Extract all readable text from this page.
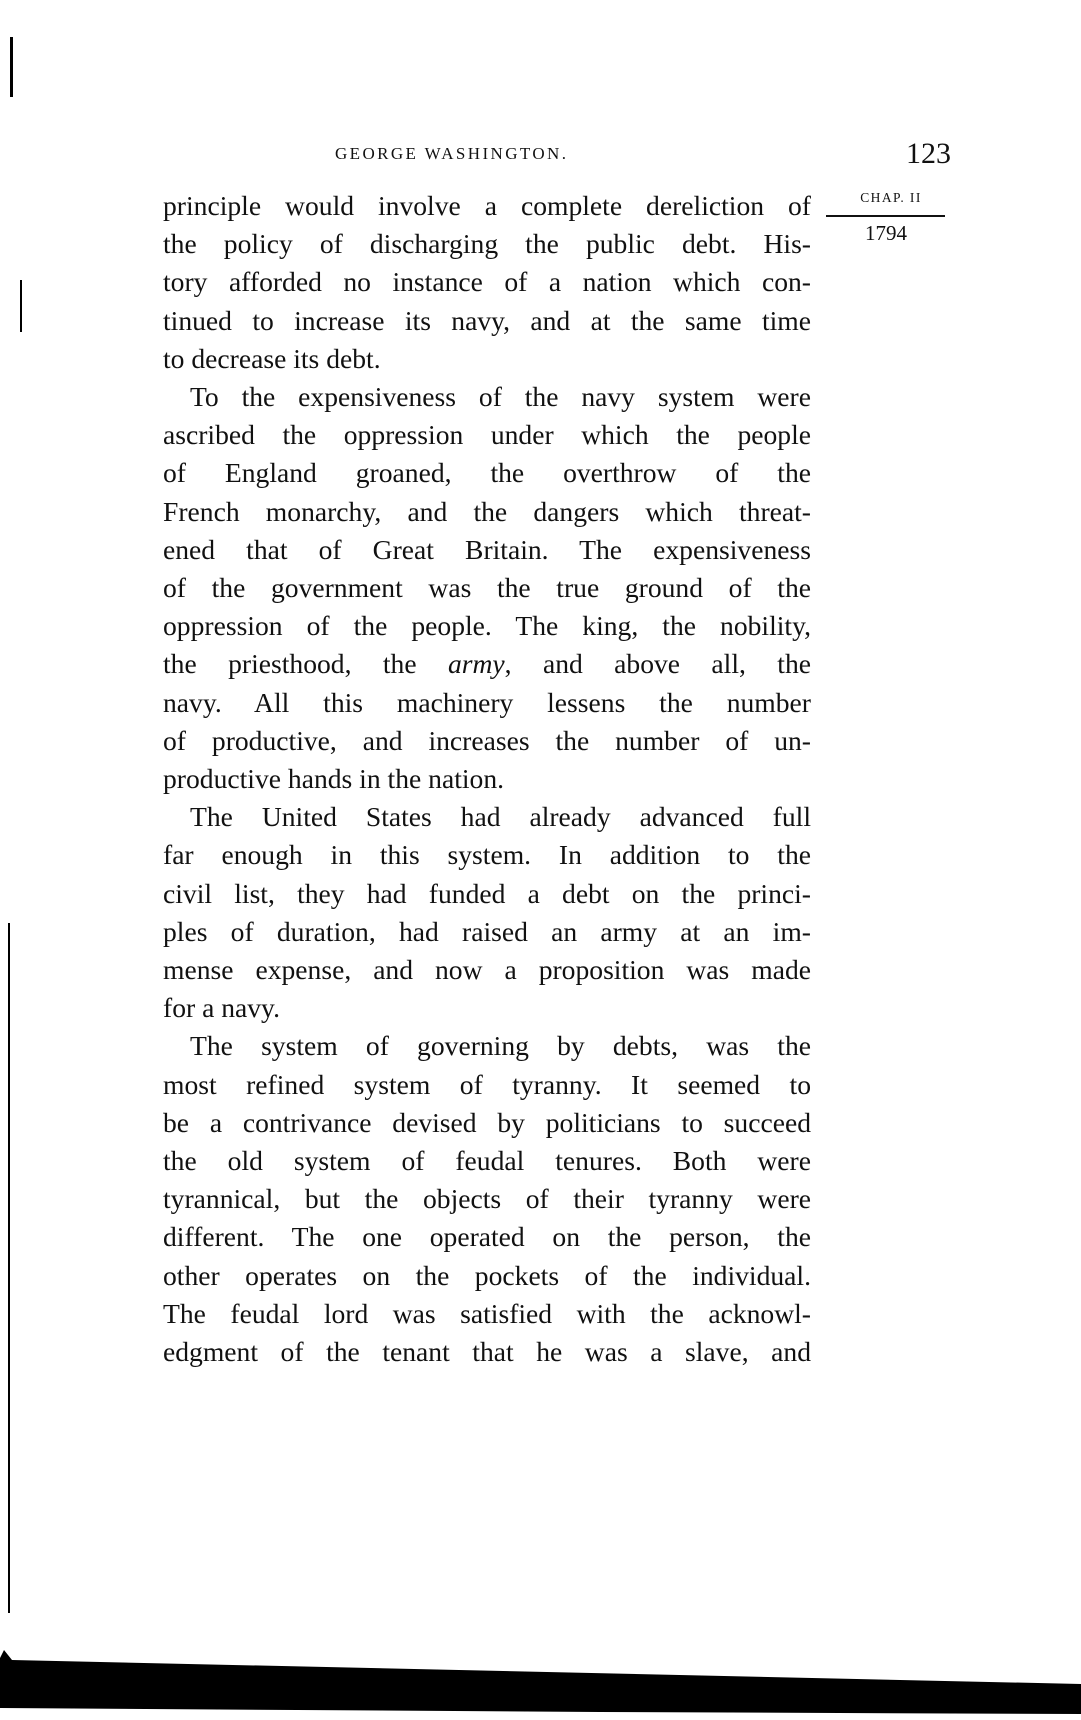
GEORGE WASHINGTON.	123
CHAP. II
1794
principle would involve a complete dereliction of
the policy of discharging the public debt. His-
tory afforded no instance of a nation which con-
tinued to increase its navy, and at the same time
to decrease its debt.
To the expensiveness of the navy system were
ascribed the oppression under which the people
of England groaned, the overthrow of the
French monarchy, and the dangers which threat-
ened that of Great Britain. The expensiveness
of the government was the true ground of the
oppression of the people. The king, the nobility,
the priesthood, the army, and above all, the
navy. All this machinery lessens the number
of productive, and increases the number of un-
productive hands in the nation.
The United States had already advanced full
far enough in this system. In addition to the
civil list, they had funded a debt on the princi-
ples of duration, had raised an army at an im-
mense expense, and now a proposition was made
for a navy.
The system of governing by debts, was the
most refined system of tyranny. It seemed to
be a contrivance devised by politicians to succeed
the old system of feudal tenures. Both were
tyrannical, but the objects of their tyranny were
different. The one operated on the person, the
other operates on the pockets of the individual.
The feudal lord was satisfied with the acknowl-
edgment of the tenant that he was a slave, and
